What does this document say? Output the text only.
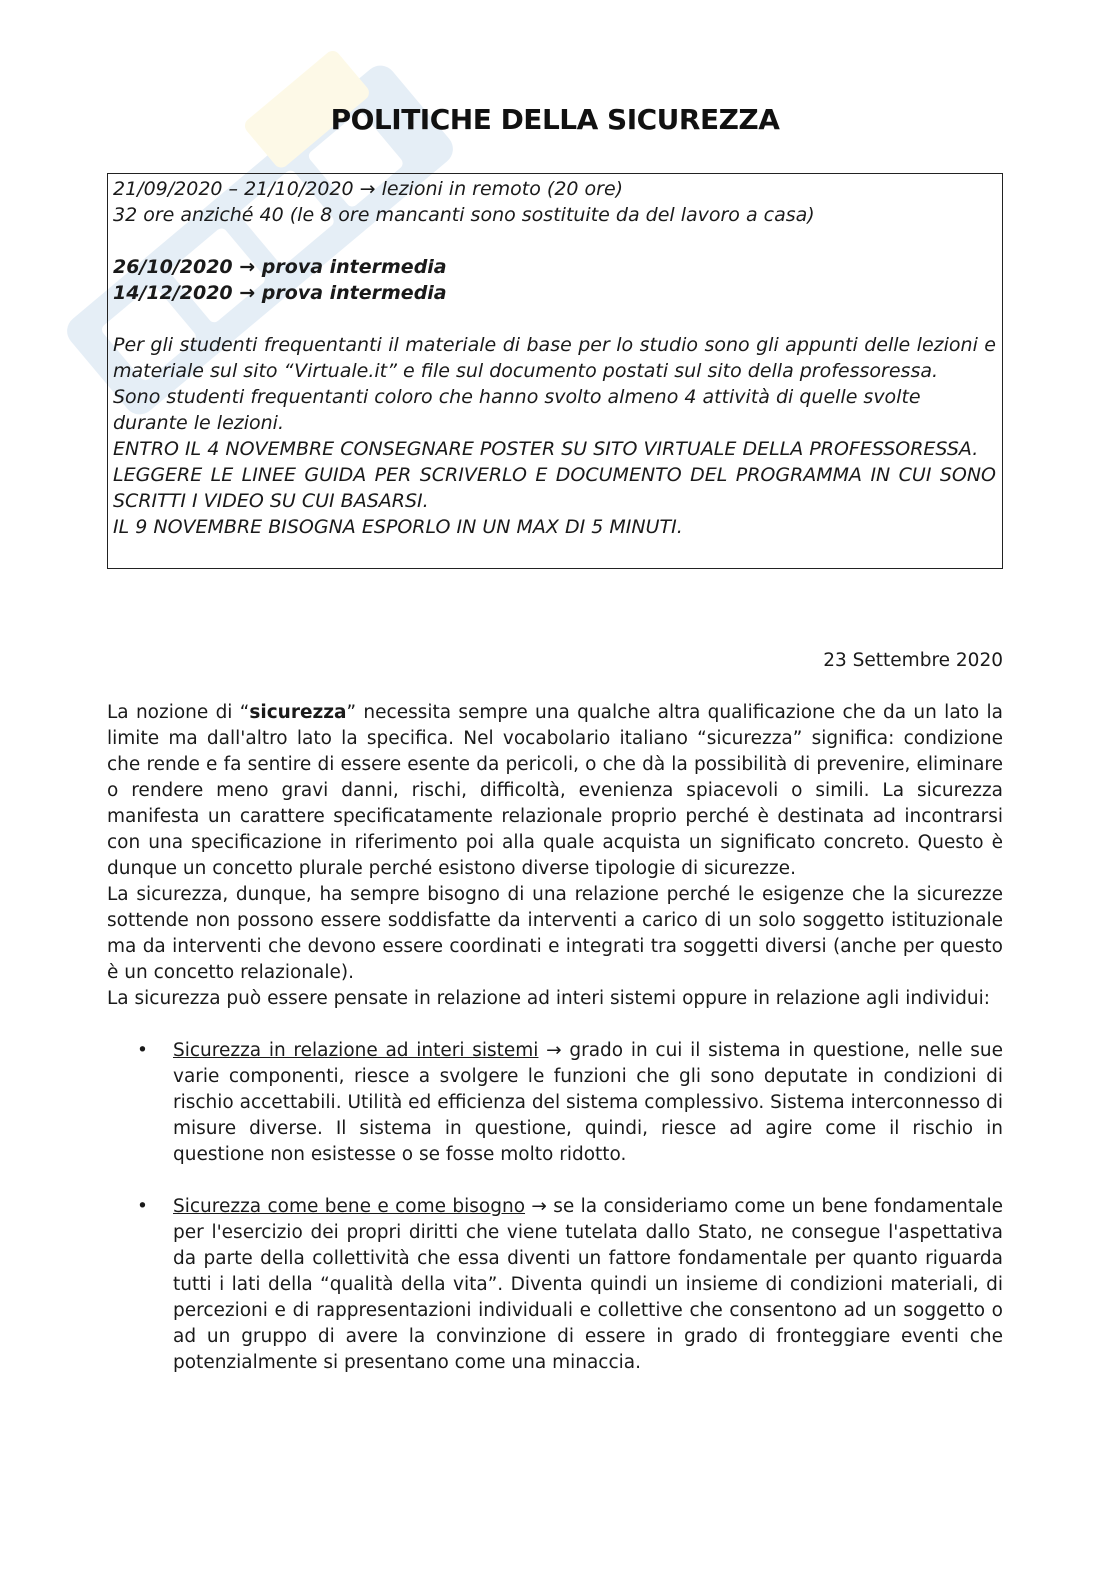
POLITICHE DELLA SICUREZZA

21/09/2020 – 21/10/2020 → lezioni in remoto (20 ore)

32 ore anziché 40 (le 8 ore mancanti sono sostituite da del lavoro a casa)

26/10/2020 → prova intermedia

14/12/2020 → prova intermedia

Per gli studenti frequentanti il materiale di base per lo studio sono gli appunti delle lezioni e materiale sul sito “Virtuale.it” e file sul documento postati sul sito della professoressa.

Sono studenti frequentanti coloro che hanno svolto almeno 4 attività di quelle svolte durante le lezioni.

ENTRO IL 4 NOVEMBRE CONSEGNARE POSTER SU SITO VIRTUALE DELLA PROFESSORESSA.

LEGGERE LE LINEE GUIDA PER SCRIVERLO E DOCUMENTO DEL PROGRAMMA IN CUI SONO SCRITTI I VIDEO SU CUI BASARSI.

IL 9 NOVEMBRE BISOGNA ESPORLO IN UN MAX DI 5 MINUTI.

23 Settembre 2020

La nozione di “sicurezza” necessita sempre una qualche altra qualificazione che da un lato la limite ma dall'altro lato la specifica. Nel vocabolario italiano “sicurezza” significa: condizione che rende e fa sentire di essere esente da pericoli, o che dà la possibilità di prevenire, eliminare o rendere meno gravi danni, rischi, difficoltà, evenienza spiacevoli o simili. La sicurezza manifesta un carattere specificatamente relazionale proprio perché è destinata ad incontrarsi con una specificazione in riferimento poi alla quale acquista un significato concreto. Questo è dunque un concetto plurale perché esistono diverse tipologie di sicurezze.

La sicurezza, dunque, ha sempre bisogno di una relazione perché le esigenze che la sicurezze sottende non possono essere soddisfatte da interventi a carico di un solo soggetto istituzionale ma da interventi che devono essere coordinati e integrati tra soggetti diversi (anche per questo è un concetto relazionale).

La sicurezza può essere pensate in relazione ad interi sistemi oppure in relazione agli individui:

• Sicurezza in relazione ad interi sistemi → grado in cui il sistema in questione, nelle sue varie componenti, riesce a svolgere le funzioni che gli sono deputate in condizioni di rischio accettabili. Utilità ed efficienza del sistema complessivo. Sistema interconnesso di misure diverse. Il sistema in questione, quindi, riesce ad agire come il rischio in questione non esistesse o se fosse molto ridotto.
• Sicurezza come bene e come bisogno → se la consideriamo come un bene fondamentale per l'esercizio dei propri diritti che viene tutelata dallo Stato, ne consegue l'aspettativa da parte della collettività che essa diventi un fattore fondamentale per quanto riguarda tutti i lati della “qualità della vita”. Diventa quindi un insieme di condizioni materiali, di percezioni e di rappresentazioni individuali e collettive che consentono ad un soggetto o ad un gruppo di avere la convinzione di essere in grado di fronteggiare eventi che potenzialmente si presentano come una minaccia.
